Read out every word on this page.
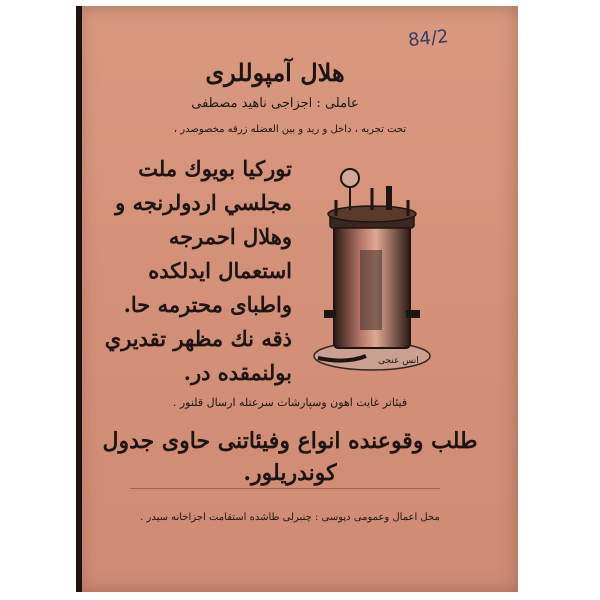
84/2
هلال آمپوللری
عاملی : اجزاجی ناهید مصطفی
تحت تجربه ، داخل و رید و بین العضله زرقه مخصوصدر ،
توركيا بويوك ملت
مجلسي اردولرنجه و
وهلال احمرجه
استعمال ايدلكده
واطبای محترمه حا.
ذقه نك مظهر تقديري
بولنمقده در.	انس عنجی
فیئاتر غایت اهون وسپارشات سرعتله ارسال قلنور .
طلب وقوعنده انواع وفیئاتنی حاوی جدول
كوندريلور.
محل اعمال وعمومی دپوسی : چنبرلی طاشده استقامت اجزاخانه سیدر .
